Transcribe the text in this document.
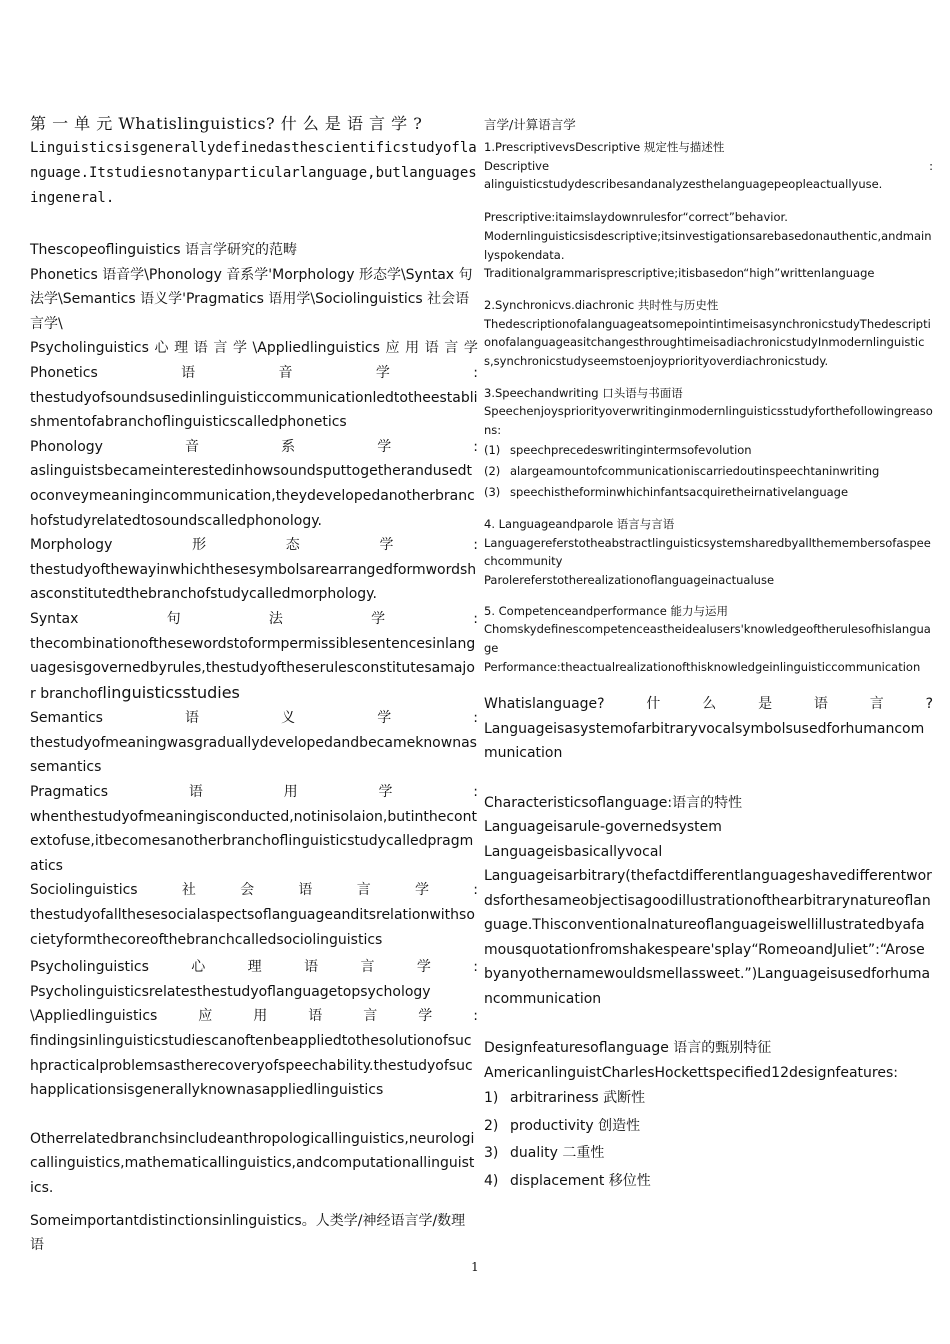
第 一 单 元 Whatislinguistics? 什 么 是 语 言 学 ?
Linguisticsisgenerallydefinedasthescientificstudyoflanguage.Itstudiesnotanyparticularlanguage,butlanguagesingeneral.
Thescopeoflinguistics 语言学研究的范畴
Phonetics 语音学\Phonology 音系学'Morphology 形态学\Syntax 句法学\Semantics 语义学'Pragmatics 语用学\Sociolinguistics 社会语言学\
Psycholinguistics 心 理 语 言 学 \Appliedlinguistics 应 用 语 言 学
Phonetics	语	音	学	:
thestudyofsoundsusedinlinguisticcommunicationledtotheestablishmentofabranchoflinguisticscalledphonetics
Phonology	音	系	学	:
aslinguistsbecameinterestedinhowsoundsputtogetherandusedtoconveymeaningincommunication,theydevelopedanotherbranchofstudyrelatedtosoundscalledphonology.
Morphology	形	态	学	:
thestudyofthewayinwhichthesesymbolsarearrangedformwordshasconstitutedthebranchofstudycalledmorphology.
Syntax	句	法	学	:
thecombinationofthesewordstoformpermissiblesentencesinlanguagesisgovernedbyrules,thestudyoftheserulesconstitutesamajor branchoflinguisticsstudies
Semantics	语	义	学	:
thestudyofmeaningwasgraduallydevelopedandbecameknownassemantics
Pragmatics	语	用	学	:
whenthestudyofmeaningisconducted,notinisolaion,butinthecontextofuse,itbecomesanotherbranchoflinguisticstudycalledpragmatics
Sociolinguistics	社	会	语	言	学	:
thestudyofallthesesocialaspectsoflanguageanditsrelationwithsocietyformthecoreofthebranchcalledsociolinguistics
Psycholinguistics	心	理	语	言	学	:
Psycholinguisticsrelatesthestudyoflanguagetopsychology
\Appliedlinguistics	应	用	语	言	学	:
findingsinlinguisticstudiescanoftenbeappliedtothesolutionofsuchpracticalproblemsastherecoveryofspeechability.thestudyofsuchapplicationsisgenerallyknownasappliedlinguistics
Otherrelatedbranchsincludeanthropologicallinguistics,neurologicallinguistics,mathematicallinguistics,andcomputationallinguistics.
Someimportantdistinctionsinlinguistics。人类学/神经语言学/数理语
言学/计算语言学
1.PrescriptivevsDescriptive 规定性与描述性
Descriptive	:
alinguisticstudydescribesandanalyzesthelanguagepeopleactuallyuse.
Prescriptive:itaimslaydownrulesfor“correct”behavior.
Modernlinguisticsisdescriptive;itsinvestigationsarebasedonauthentic,andmainlyspokendata.
Traditionalgrammarisprescriptive;itisbasedon“high”writtenlanguage
2.Synchronicvs.diachronic 共时性与历史性
ThedescriptionofalanguageatsomepointintimeisasynchronicstudyThedescriptionofalanguageasitchangesthroughtimeisadiachronicstudyInmodernlinguistics,synchronicstudyseemstoenjoypriorityoverdiachronicstudy.
3.Speechandwriting 口头语与书面语
Speechenjoyspriorityoverwritinginmodernlinguisticsstudyforthefollowingreasons:
(1) speechprecedeswritingintermsofevolution
(2) alargeamountofcommunicationiscarriedoutinspeechtaninwriting
(3) speechistheforminwhichinfantsacquiretheirnativelanguage
4. Languageandparole 语言与言语
Languagereferstotheabstractlinguisticsystemsharedbyallthemembersofaspeechcommunity
Parolereferstotherealizationoflanguageinactualuse
5. Competenceandperformance 能力与运用
Chomskydefinescompetenceastheidealusers'knowledgeoftherulesofhislanguage
Performance:theactualrealizationofthisknowledgeinlinguisticcommunication
Whatislanguage?	什	么	是	语	言	?
Languageisasystemofarbitraryvocalsymbolsusedforhumancommunication
Characteristicsoflanguage:语言的特性
Languageisarule-governedsystem
Languageisbasicallyvocal
Languageisarbitrary(thefactdifferentlanguageshavedifferentwordsforthesameobjectisagoodillustrationofthearbitrarynatureoflanguage.Thisconventionalnatureoflanguageiswellillustratedbyafamousquotationfromshakespeare'splay“RomeoandJuliet”:“Arosebyanyothernamewouldsmellassweet.”)Languageisusedforhumancommunication
Designfeaturesoflanguage 语言的甄别特征
AmericanlinguistCharlesHockettspecified12designfeatures:
1) arbitrariness 武断性
2) productivity 创造性
3) duality 二重性
4) displacement 移位性
1
